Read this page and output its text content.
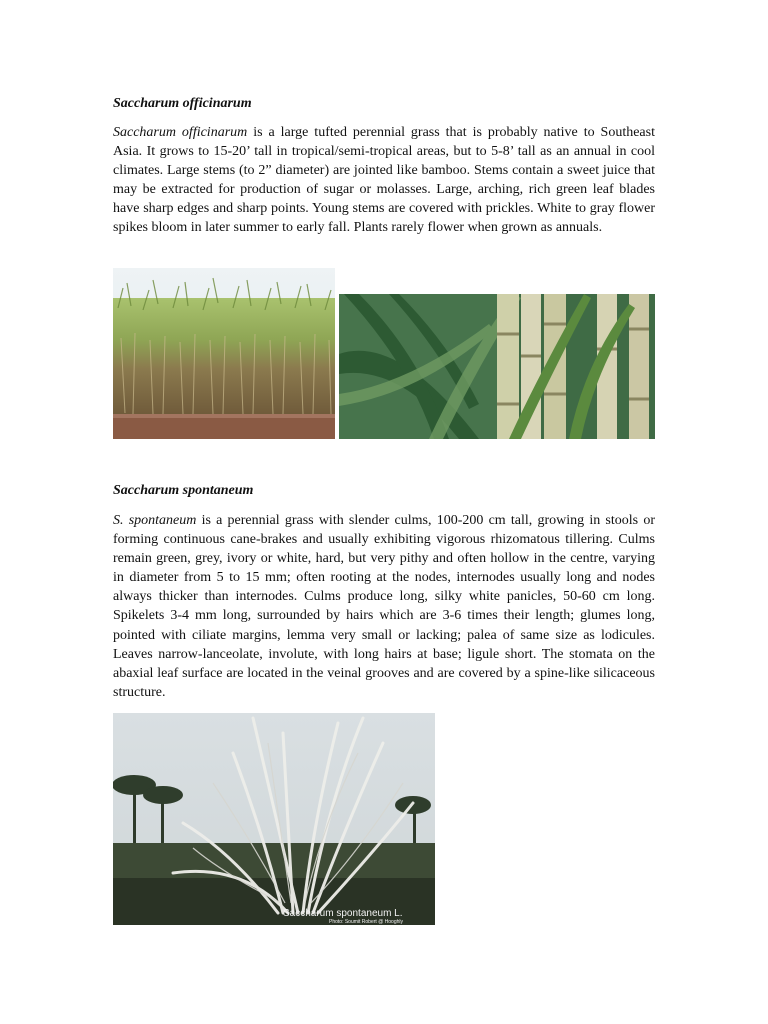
Saccharum officinarum
Saccharum officinarum is a large tufted perennial grass that is probably native to Southeast Asia. It grows to 15-20’ tall in tropical/semi-tropical areas, but to 5-8’ tall as an annual in cool climates. Large stems (to 2” diameter) are jointed like bamboo. Stems contain a sweet juice that may be extracted for production of sugar or molasses. Large, arching, rich green leaf blades have sharp edges and sharp points. Young stems are covered with prickles. White to gray flower spikes bloom in later summer to early fall. Plants rarely flower when grown as annuals.
Saccharum spontaneum
S. spontaneum is a perennial grass with slender culms, 100-200 cm tall, growing in stools or forming continuous cane-brakes and usually exhibiting vigorous rhizomatous tillering. Culms remain green, grey, ivory or white, hard, but very pithy and often hollow in the centre, varying in diameter from 5 to 15 mm; often rooting at the nodes, internodes usually long and nodes always thicker than internodes. Culms produce long, silky white panicles, 50-60 cm long. Spikelets 3-4 mm long, surrounded by hairs which are 3-6 times their length; glumes long, pointed with ciliate margins, lemma very small or lacking; palea of same size as lodicules. Leaves narrow-lanceolate, involute, with long hairs at base; ligule short. The stomata on the abaxial leaf surface are located in the veinal grooves and are covered by a spine-like silicaceous structure.
Saccharum spontaneum L.
Photo: Soumit Robert @ Hooghly
